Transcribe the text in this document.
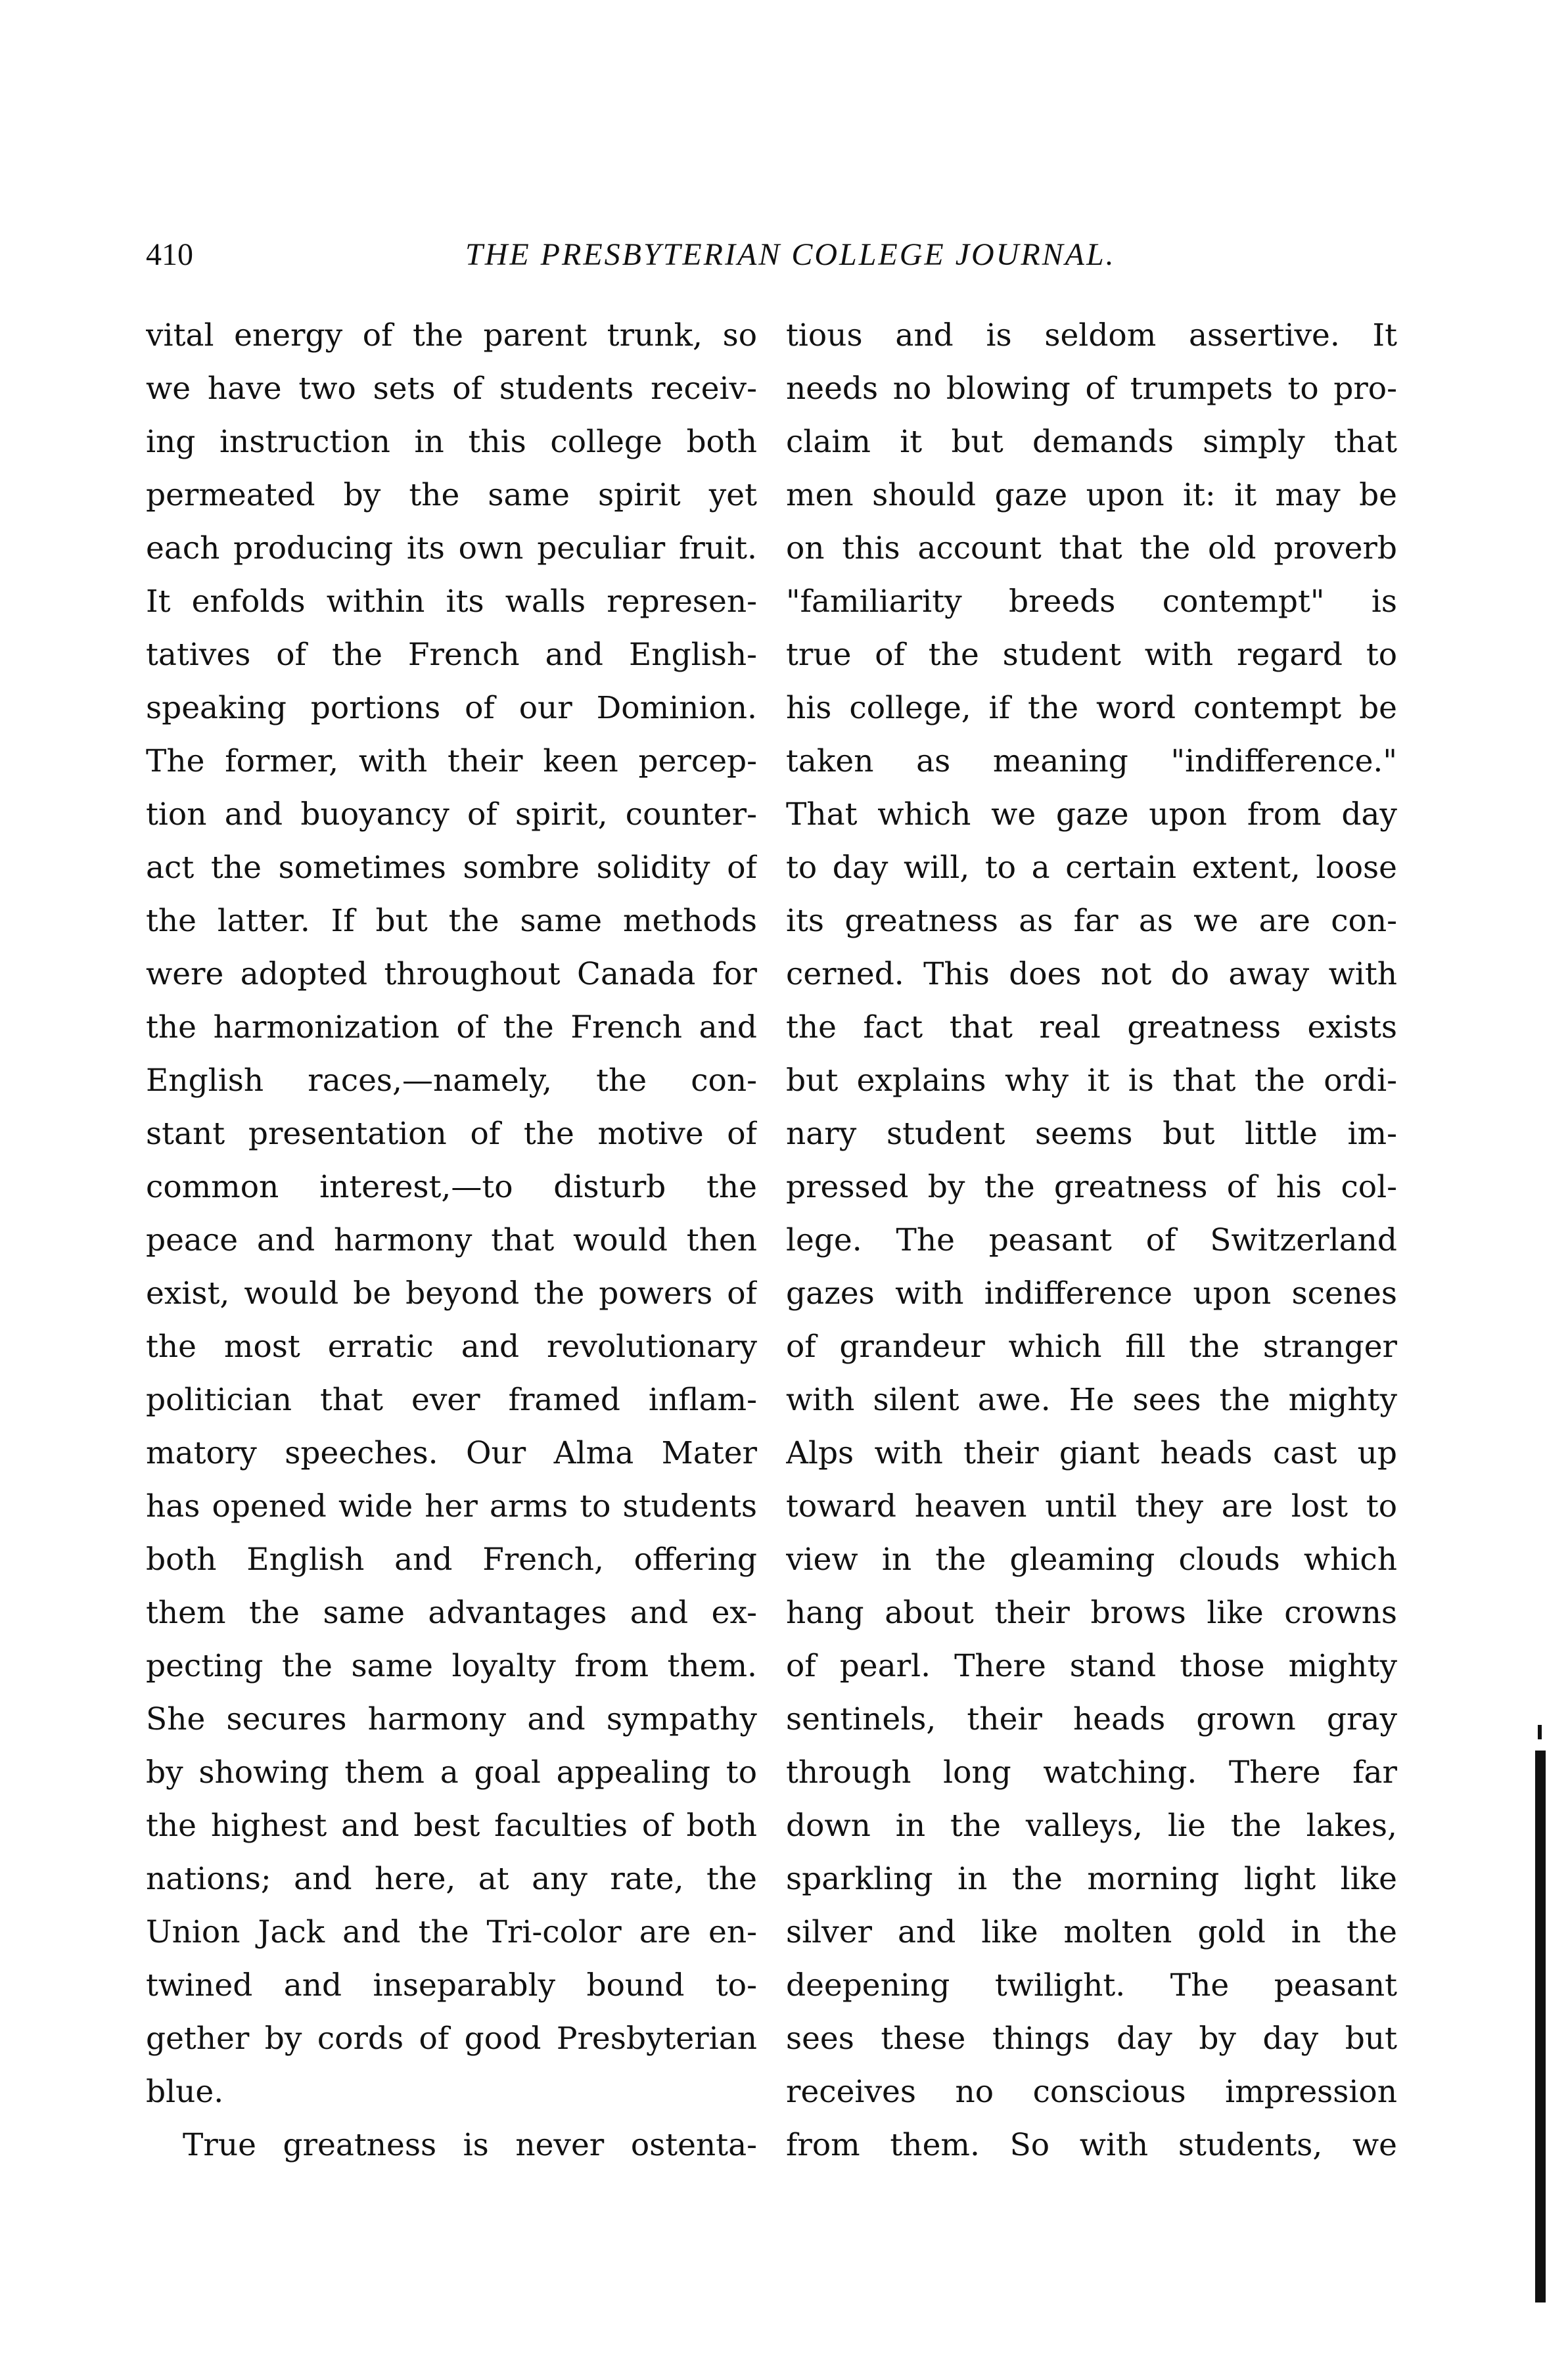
410	THE PRESBYTERIAN COLLEGE JOURNAL.
vital energy of the parent trunk, so
we have two sets of students receiv-
ing instruction in this college both
permeated by the same spirit yet
each producing its own peculiar fruit.
It enfolds within its walls represen-
tatives of the French and English-
speaking portions of our Dominion.
The former, with their keen percep-
tion and buoyancy of spirit, counter-
act the sometimes sombre solidity of
the latter. If but the same methods
were adopted throughout Canada for
the harmonization of the French and
English races,—namely, the con-
stant presentation of the motive of
common interest,—to disturb the
peace and harmony that would then
exist, would be beyond the powers of
the most erratic and revolutionary
politician that ever framed inflam-
matory speeches. Our Alma Mater
has opened wide her arms to students
both English and French, offering
them the same advantages and ex-
pecting the same loyalty from them.
She secures harmony and sympathy
by showing them a goal appealing to
the highest and best faculties of both
nations; and here, at any rate, the
Union Jack and the Tri-color are en-
twined and inseparably bound to-
gether by cords of good Presbyterian
blue.
True greatness is never ostenta-
tious and is seldom assertive. It
needs no blowing of trumpets to pro-
claim it but demands simply that
men should gaze upon it: it may be
on this account that the old proverb
"familiarity breeds contempt" is
true of the student with regard to
his college, if the word contempt be
taken as meaning "indifference."
That which we gaze upon from day
to day will, to a certain extent, loose
its greatness as far as we are con-
cerned. This does not do away with
the fact that real greatness exists
but explains why it is that the ordi-
nary student seems but little im-
pressed by the greatness of his col-
lege. The peasant of Switzerland
gazes with indifference upon scenes
of grandeur which fill the stranger
with silent awe. He sees the mighty
Alps with their giant heads cast up
toward heaven until they are lost to
view in the gleaming clouds which
hang about their brows like crowns
of pearl. There stand those mighty
sentinels, their heads grown gray
through long watching. There far
down in the valleys, lie the lakes,
sparkling in the morning light like
silver and like molten gold in the
deepening twilight. The peasant
sees these things day by day but
receives no conscious impression
from them. So with students, we
